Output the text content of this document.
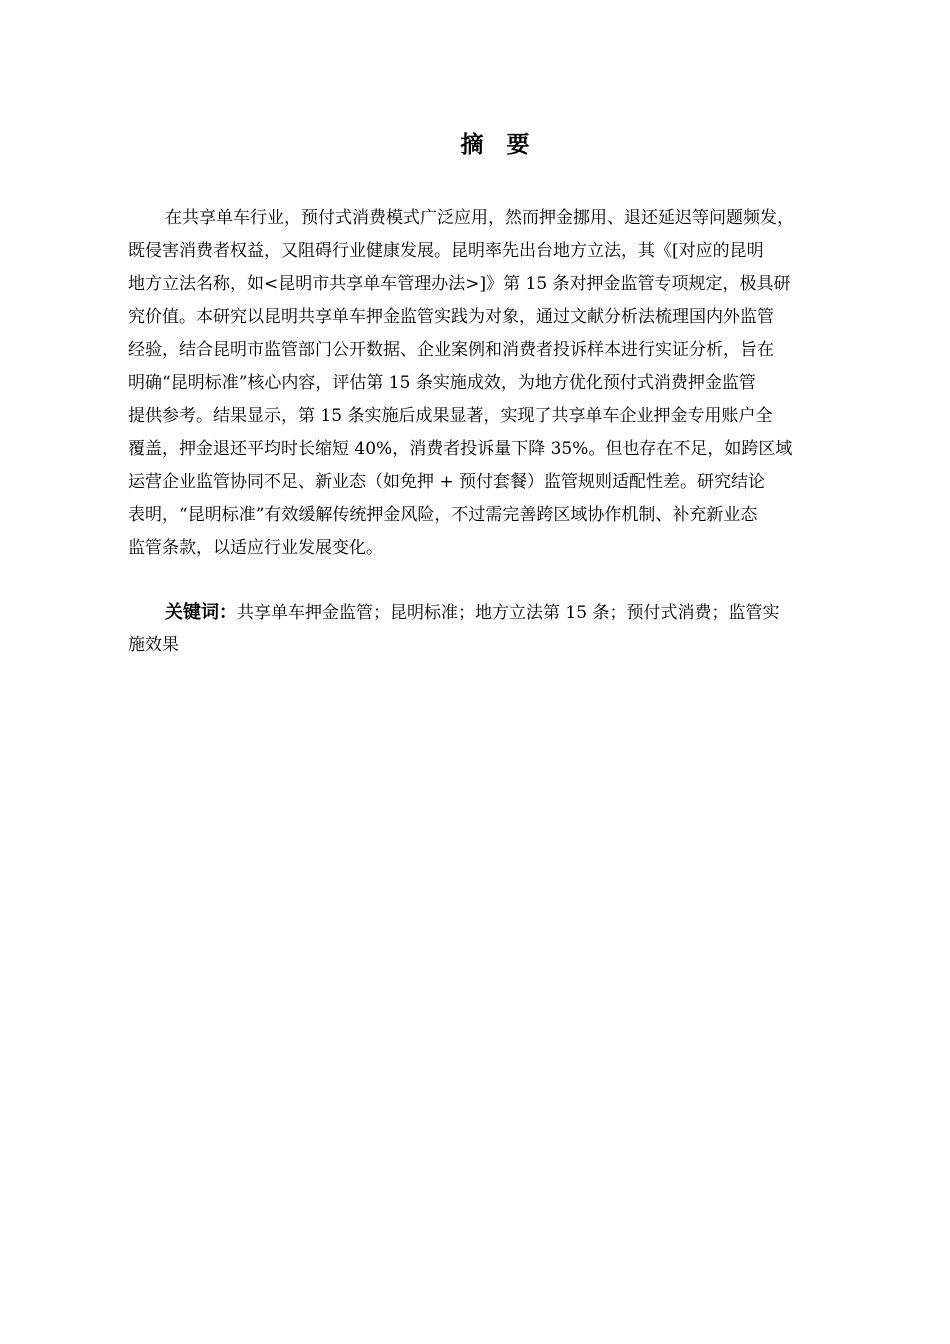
摘　要
在共享单车行业，预付式消费模式广泛应用，然而押金挪用、退还延迟等问题频发，
既侵害消费者权益，又阻碍行业健康发展。昆明率先出台地方立法，其《[对应的昆明
地方立法名称，如<昆明市共享单车管理办法>]》第 15 条对押金监管专项规定，极具研
究价值。本研究以昆明共享单车押金监管实践为对象，通过文献分析法梳理国内外监管
经验，结合昆明市监管部门公开数据、企业案例和消费者投诉样本进行实证分析，旨在
明确“昆明标准”核心内容，评估第 15 条实施成效，为地方优化预付式消费押金监管
提供参考。结果显示，第 15 条实施后成果显著，实现了共享单车企业押金专用账户全
覆盖，押金退还平均时长缩短 40%，消费者投诉量下降 35%。但也存在不足，如跨区域
运营企业监管协同不足、新业态（如免押 + 预付套餐）监管规则适配性差。研究结论
表明，“昆明标准”有效缓解传统押金风险，不过需完善跨区域协作机制、补充新业态
监管条款，以适应行业发展变化。
关键词：共享单车押金监管；昆明标准；地方立法第 15 条；预付式消费；监管实
施效果
